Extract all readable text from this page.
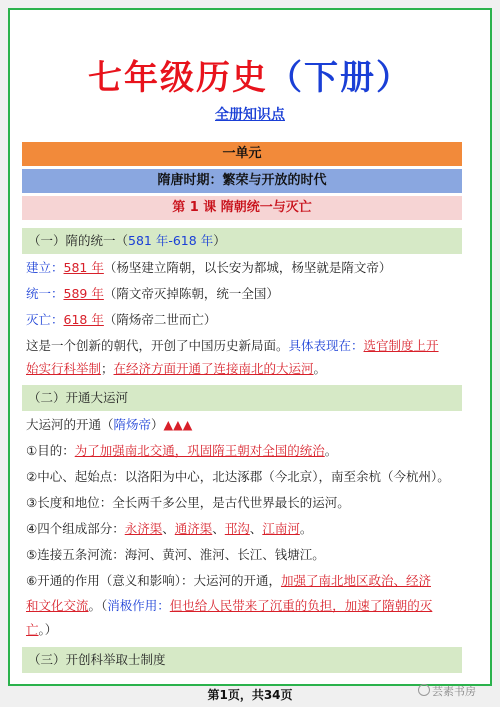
七年级历史（下册）
全册知识点
一单元
隋唐时期：繁荣与开放的时代
第 1 课 隋朝统一与灭亡
（一）隋的统一（581 年-618 年）
建立：581 年（杨坚建立隋朝，以长安为都城，杨坚就是隋文帝）
统一：589 年（隋文帝灭掉陈朝，统一全国）
灭亡：618 年（隋炀帝二世而亡）
这是一个创新的朝代，开创了中国历史新局面。具体表现在：选官制度上开
始实行科举制；在经济方面开通了连接南北的大运河。
（二）开通大运河
大运河的开通（隋炀帝）▲▲▲
①目的：为了加强南北交通，巩固隋王朝对全国的统治。
②中心、起始点：以洛阳为中心，北达涿郡（今北京），南至余杭（今杭州）。
③长度和地位：全长两千多公里，是古代世界最长的运河。
④四个组成部分：永济渠、通济渠、邗沟、江南河。
⑤连接五条河流：海河、黄河、淮河、长江、钱塘江。
⑥开通的作用（意义和影响）：大运河的开通，加强了南北地区政治、经济
和文化交流。（消极作用：但也给人民带来了沉重的负担，加速了隋朝的灭
亡。）
（三）开创科举取士制度
第1页，共34页	芸素书房
